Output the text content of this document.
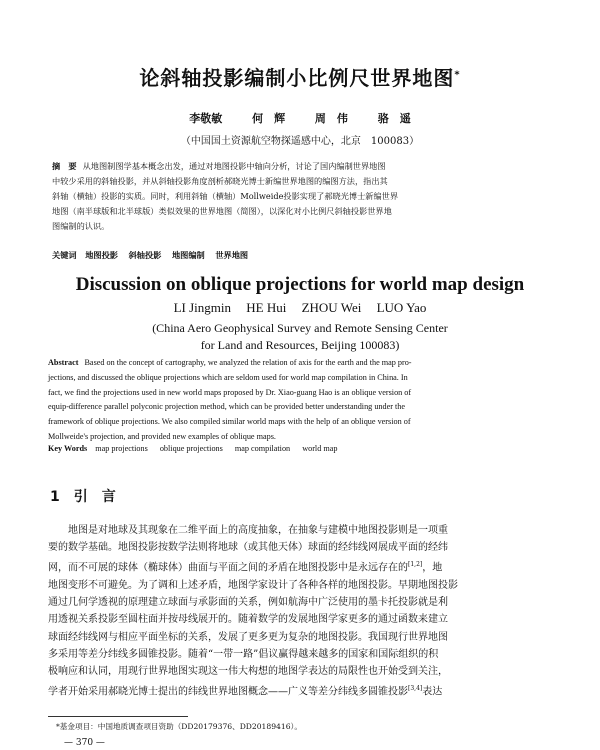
论斜轴投影编制小比例尺世界地图*
李敬敏	何　辉	周　伟	骆　遥
（中国国土资源航空物探遥感中心，北京　100083）
摘　要 从地图制图学基本概念出发，通过对地图投影中轴向分析，讨论了国内编制世界地图
中较少采用的斜轴投影，并从斜轴投影角度剖析郝晓光博士新编世界地图的编图方法，指出其
斜轴（横轴）投影的实质。同时，利用斜轴（横轴）Mollweide投影实现了郝晓光博士新编世界
地图（南半球版和北半球版）类似效果的世界地图（简图），以深化对小比例尺斜轴投影世界地
图编制的认识。
关键词 地图投影 斜轴投影 地图编制 世界地图
Discussion on oblique projections for world map design
LI Jingmin HE Hui ZHOU Wei LUO Yao
(China Aero Geophysical Survey and Remote Sensing Center
for Land and Resources, Beijing 100083)
Abstract Based on the concept of cartography, we analyzed the relation of axis for the earth and the map pro-
jections, and discussed the oblique projections which are seldom used for world map compilation in China. In
fact, we find the projections used in new world maps proposed by Dr. Xiao-guang Hao is an oblique version of
equip-difference parallel polyconic projection method, which can be provided better understanding under the
framework of oblique projections. We also compiled similar world maps with the help of an oblique version of
Mollweide's projection, and provided new examples of oblique maps.
Key Words map projections oblique projections map compilation world map
1 引　言
地图是对地球及其现象在二维平面上的高度抽象，在抽象与建模中地图投影则是一项重
要的数学基础。地图投影按数学法则将地球（或其他天体）球面的经纬线网展成平面的经纬
网，而不可展的球体（椭球体）曲面与平面之间的矛盾在地图投影中是永远存在的[1,2]，地
地图变形不可避免。为了调和上述矛盾，地图学家设计了各种各样的地图投影。早期地图投影
通过几何学透视的原理建立球面与承影面的关系，例如航海中广泛使用的墨卡托投影就是利
用透视关系投影至圆柱面并按母线展开的。随着数学的发展地图学家更多的通过函数来建立
球面经纬线网与相应平面坐标的关系，发展了更多更为复杂的地图投影。我国现行世界地图
多采用等差分纬线多圆锥投影。随着“一带一路”倡议赢得越来越多的国家和国际组织的积
极响应和认同，用现行世界地图实现这一伟大构想的地图学表达的局限性也开始受到关注，
学者开始采用郝晓光博士提出的纬线世界地图概念——广义等差分纬线多圆锥投影[3,4]表达
*基金项目：中国地质调查项目资助（DD20179376、DD20189416）。
— 370 —
